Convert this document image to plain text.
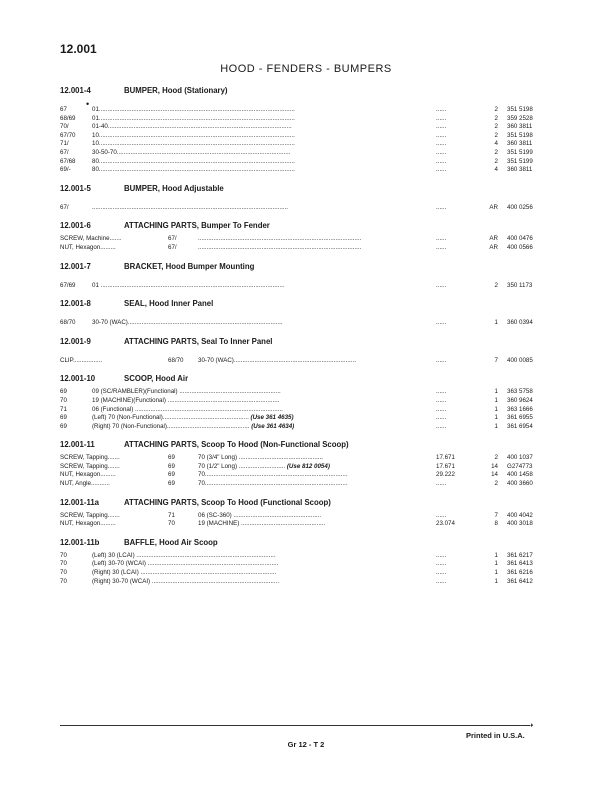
12.001
HOOD - FENDERS - BUMPERS
12.001-4	BUMPER, Hood (Stationary)
•
67	01..................................................................................................................	......	2 351 5198
68/69	01..................................................................................................................	......	2 359 2528
70/	01-40...........................................................................................................	......	2 360 3811
67/70	10..................................................................................................................	......	2 351 5198
71/	10..................................................................................................................	......	4 360 3811
67/	30-50-70.....................................................................................................	......	2 351 5199
67/68	80..................................................................................................................	......	2 351 5199
69/-	80..................................................................................................................	......	4 360 3811
12.001-5	BUMPER, Hood Adjustable
67/	..................................................................................................................	......	AR 400 0256
12.001-6	ATTACHING PARTS, Bumper To Fender
SCREW, Machine.......	67/	...............................................................................................	......	AR 400 0476
NUT, Hexagon.........	67/	...............................................................................................	......	AR 400 0566
12.001-7	BRACKET, Hood Bumper Mounting
67/69	01 ...........................................................................................................	......	2 350 1173
12.001-8	SEAL, Hood Inner Panel
68/70	30-70 (WAC)..........................................................................................	......	1 360 0394
12.001-9	ATTACHING PARTS, Seal To Inner Panel
CLIP.................	68/70	30-70 (WAC).......................................................................	......	7 400 0085
12.001-10	SCOOP, Hood Air
69	09 (SC/RAMBLER)(Functional) ...........................................................	......	1 363 5758
70	19 (MACHINE)(Functional) .................................................................	......	1 360 9624
71	06 (Functional) ......................................................................................	......	1 363 1666
69	(Left) 70 (Non-Functional).................................................. (Use 361 4635)	......	1 361 6955
69	(Right) 70 (Non-Functional)................................................ (Use 361 4634)	......	1 361 6954
12.001-11	ATTACHING PARTS, Scoop To Hood (Non-Functional Scoop)
SCREW, Tapping.......	69	70 (3/4" Long) .................................................	17.671	2 400 1037
SCREW, Tapping.......	69	70 (1/2" Long) ........................... (Use 812 0054)	17.671	14 G274773
NUT, Hexagon.........	69	70...................................................................................	29.222	14 400 1458
NUT, Angle...........	69	70...................................................................................	......	2 400 3660
12.001-11a	ATTACHING PARTS, Scoop To Hood (Functional Scoop)
SCREW, Tapping.......	71	06 (SC-360) ...................................................	......	7 400 4042
NUT, Hexagon.........	70	19 (MACHINE) .................................................	23.074	8 400 3018
12.001-11b	BAFFLE, Hood Air Scoop
70	(Left) 30 (LCAI) .................................................................................	......	1 361 6217
70	(Left) 30-70 (WCAI) ............................................................................	......	1 361 6413
70	(Right) 30 (LCAI) ...............................................................................	......	1 361 6216
70	(Right) 30-70 (WCAI) ..........................................................................	......	1 361 6412
➝
Printed in U.S.A.
Gr 12 - T 2
